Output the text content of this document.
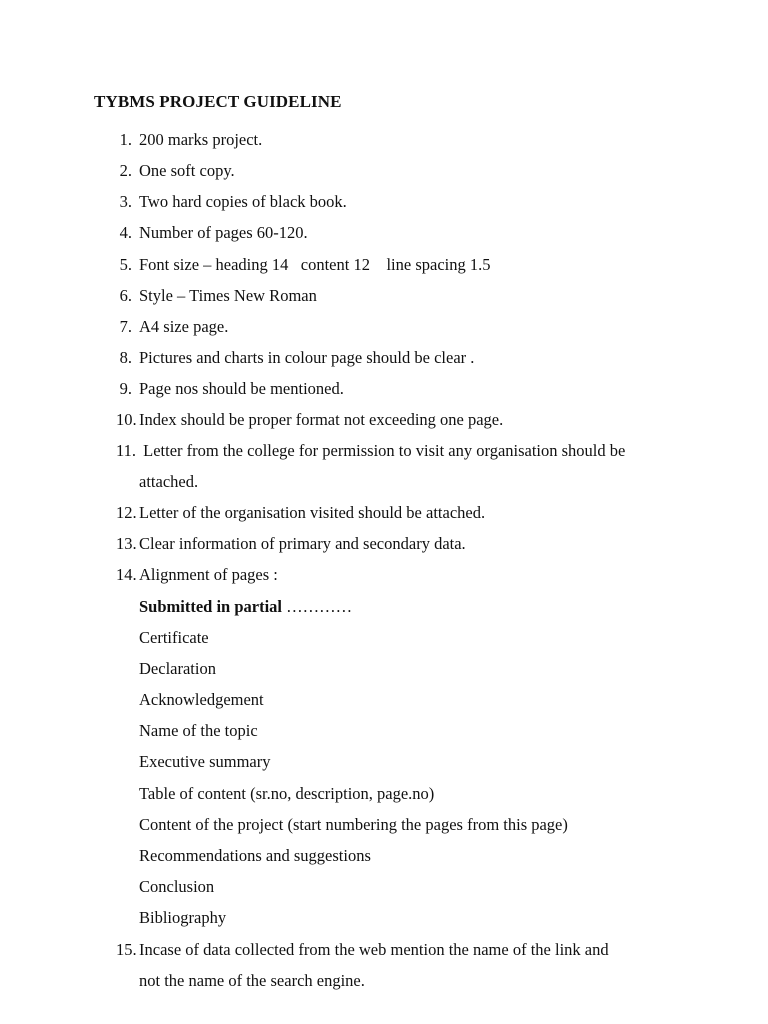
TYBMS PROJECT GUIDELINE
1. 200 marks project.
2. One soft copy.
3. Two hard copies of black book.
4. Number of pages 60-120.
5. Font size – heading 14   content 12    line spacing 1.5
6. Style – Times New Roman
7. A4 size page.
8. Pictures and charts in colour page should be clear .
9. Page nos should be mentioned.
10. Index should be proper format not exceeding one page.
11. Letter from the college for permission to visit any organisation should be
attached.
12. Letter of the organisation visited should be attached.
13. Clear information of primary and secondary data.
14. Alignment of pages :
Submitted in partial …………
Certificate
Declaration
Acknowledgement
Name of the topic
Executive summary
Table of content (sr.no, description, page.no)
Content of the project (start numbering the pages from this page)
Recommendations and suggestions
Conclusion
Bibliography
15. Incase of data collected from the web mention the name of the link and
not the name of the search engine.
